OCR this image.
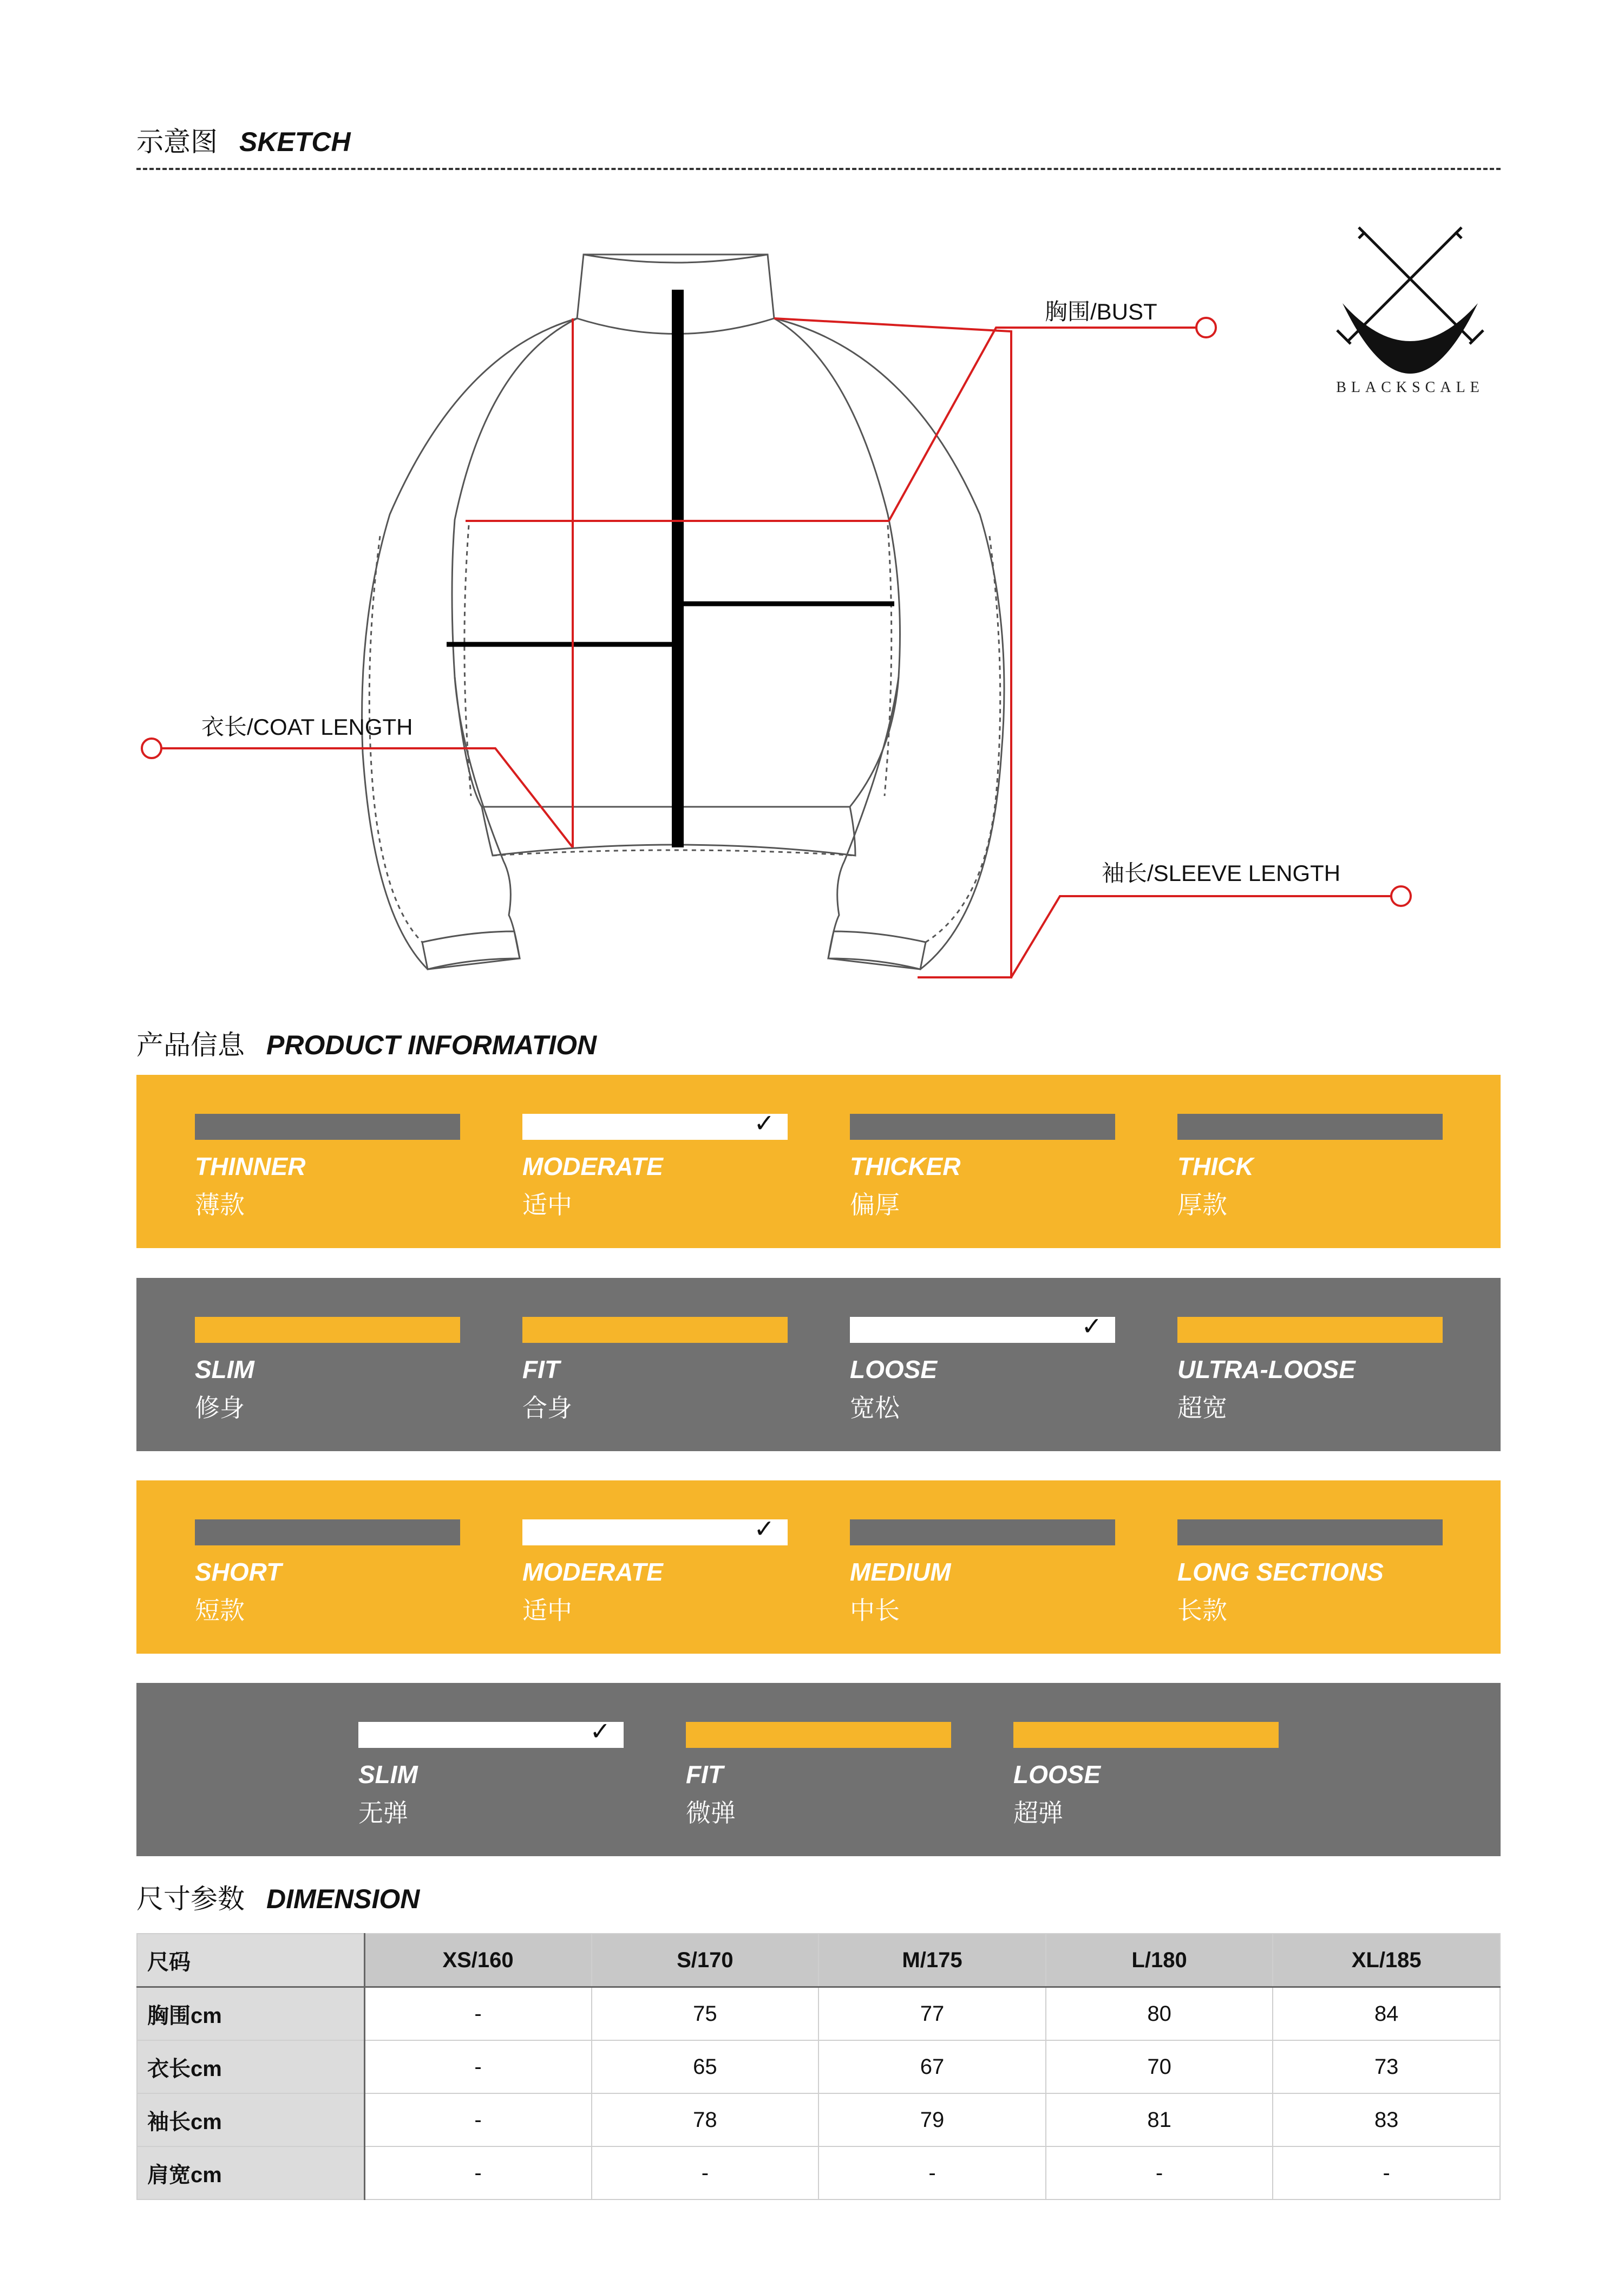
示意图 SKETCH
胸围/BUST
衣长/COAT LENGTH
袖长/SLEEVE LENGTH
BLACKSCALE
产品信息 PRODUCT INFORMATION
THINNER
薄款
✓
MODERATE
适中
THICKER
偏厚
THICK
厚款
SLIM
修身
FIT
合身
✓
LOOSE
宽松
ULTRA-LOOSE
超宽
SHORT
短款
✓
MODERATE
适中
MEDIUM
中长
LONG SECTIONS
长款
✓
SLIM
无弹
FIT
微弹
LOOSE
超弹
尺寸参数 DIMENSION
尺码	XS/160	S/170	M/175	L/180	XL/185
胸围cm	-	75	77	80	84
衣长cm	-	65	67	70	73
袖长cm	-	78	79	81	83
肩宽cm	-	-	-	-	-
